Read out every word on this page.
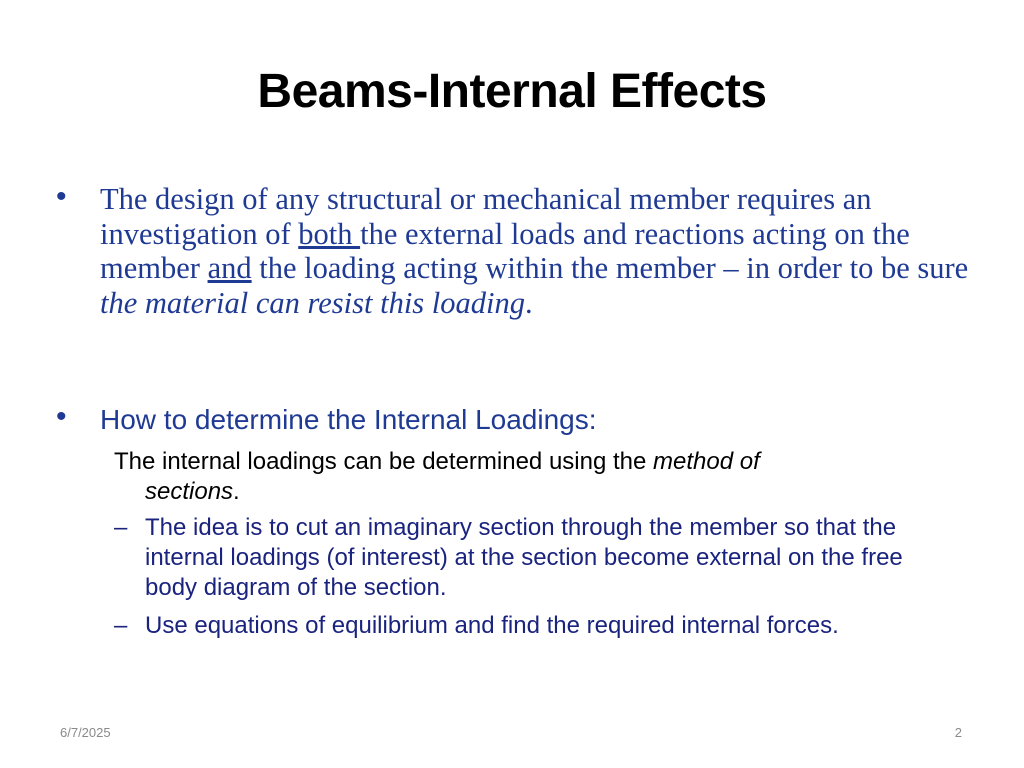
Beams-Internal Effects
• The design of any structural or mechanical member requires an investigation of both the external loads and reactions acting on the member and the loading acting within the member – in order to be sure the material can resist this loading.
• How to determine the Internal Loadings:
The internal loadings can be determined using the method of
sections.
– The idea is to cut an imaginary section through the member so that the internal loadings (of interest) at the section become external on the free body diagram of the section.
– Use equations of equilibrium and find the required internal forces.
6/7/2025	2
